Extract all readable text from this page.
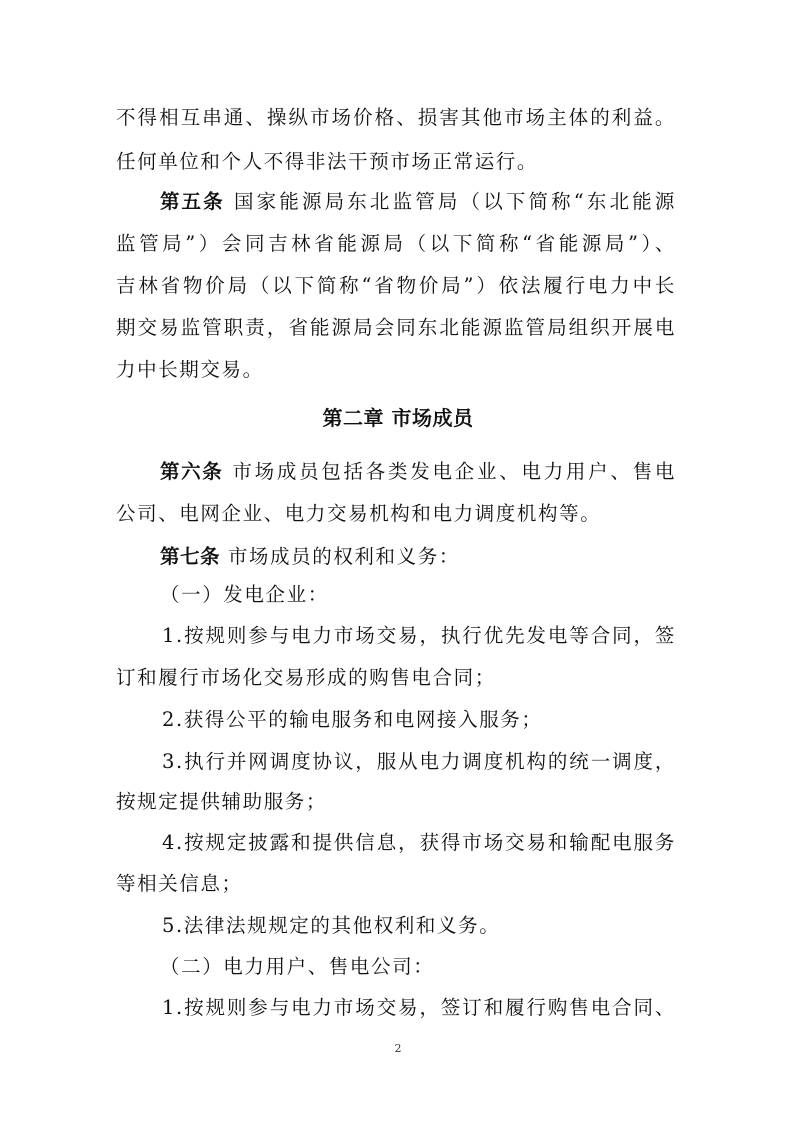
不得相互串通、操纵市场价格、损害其他市场主体的利益。
任何单位和个人不得非法干预市场正常运行。
第五条 国家能源局东北监管局（以下简称“东北能源
监管局”）会同吉林省能源局（以下简称“省能源局”）、
吉林省物价局（以下简称“省物价局”）依法履行电力中长
期交易监管职责，省能源局会同东北能源监管局组织开展电
力中长期交易。
第二章 市场成员
第六条 市场成员包括各类发电企业、电力用户、售电
公司、电网企业、电力交易机构和电力调度机构等。
第七条 市场成员的权利和义务：
（一）发电企业：
1.按规则参与电力市场交易，执行优先发电等合同，签
订和履行市场化交易形成的购售电合同；
2.获得公平的输电服务和电网接入服务；
3.执行并网调度协议，服从电力调度机构的统一调度，
按规定提供辅助服务；
4.按规定披露和提供信息，获得市场交易和输配电服务
等相关信息；
5.法律法规规定的其他权利和义务。
（二）电力用户、售电公司：
1.按规则参与电力市场交易，签订和履行购售电合同、
2
